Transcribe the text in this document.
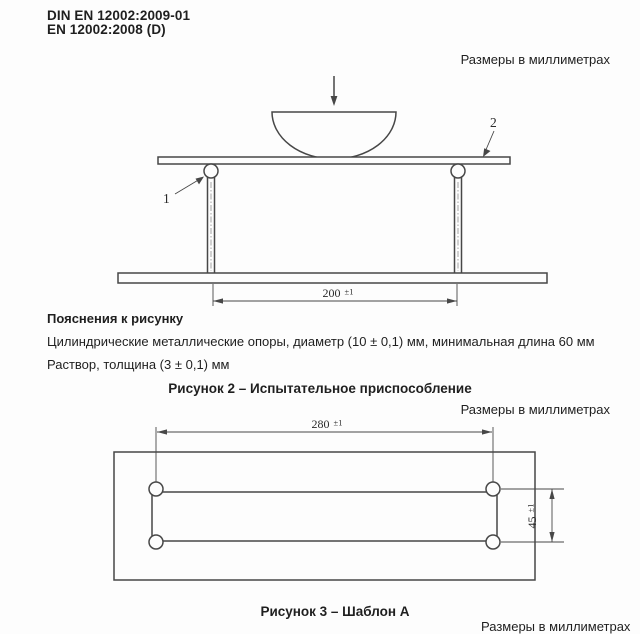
DIN EN 12002:2009-01
EN 12002:2008 (D)
Размеры в миллиметрах
200 $^{\pm 1}$
1
2
280 $^{\pm 1}$
$45^{\pm 1}$
Пояснения к рисунку
Цилиндрические металлические опоры, диаметр (10 ± 0,1) мм, минимальная длина 60 мм
Раствор, толщина (3 ± 0,1) мм
Рисунок 2 – Испытательное приспособление
Размеры в миллиметрах
Рисунок 3 – Шаблон А
Размеры в миллиметрах
